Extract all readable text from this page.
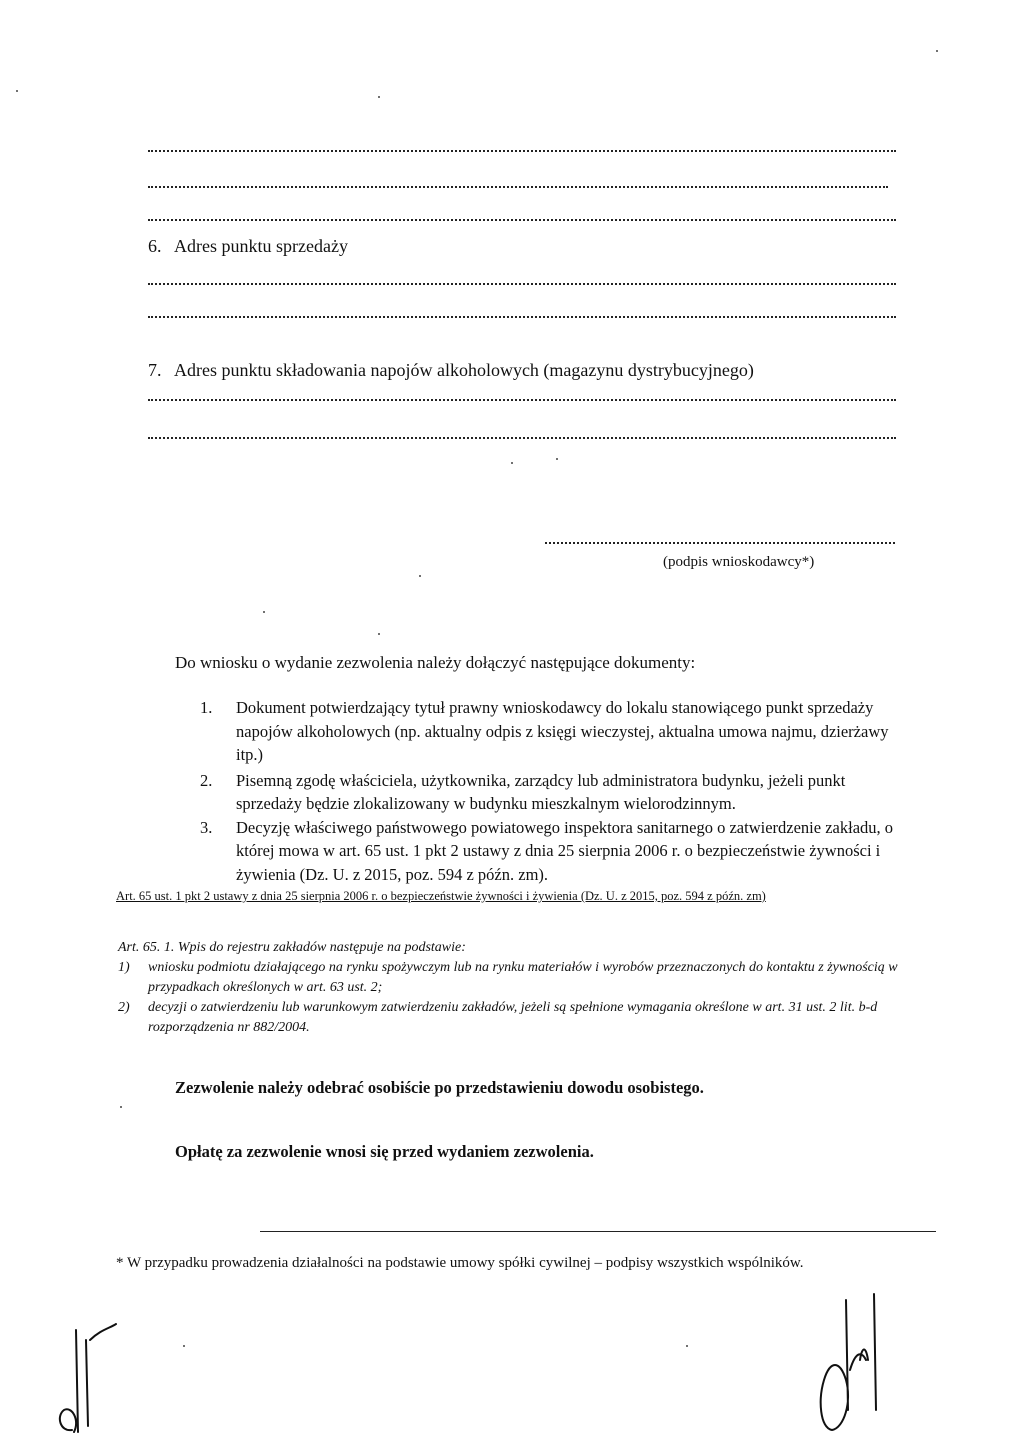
6. Adres punktu sprzedaży
7. Adres punktu składowania napojów alkoholowych (magazynu dystrybucyjnego)
(podpis wnioskodawcy*)
Do wniosku o wydanie zezwolenia należy dołączyć następujące dokumenty:
1. Dokument potwierdzający tytuł prawny wnioskodawcy do lokalu stanowiącego punkt sprzedaży napojów alkoholowych (np. aktualny odpis z księgi wieczystej, aktualna umowa najmu, dzierżawy itp.)
2. Pisemną zgodę właściciela, użytkownika, zarządcy lub administratora budynku, jeżeli punkt sprzedaży będzie zlokalizowany w budynku mieszkalnym wielorodzinnym.
3. Decyzję właściwego państwowego powiatowego inspektora sanitarnego o zatwierdzenie zakładu, o której mowa w art. 65 ust. 1 pkt 2 ustawy z dnia 25 sierpnia 2006 r. o bezpieczeństwie żywności i żywienia (Dz. U. z 2015, poz. 594 z późn. zm).
Art. 65 ust. 1 pkt 2 ustawy z dnia 25 sierpnia 2006 r. o bezpieczeństwie żywności i żywienia (Dz. U. z 2015, poz. 594 z późn. zm)
Art. 65. 1. Wpis do rejestru zakładów następuje na podstawie:
1) wniosku podmiotu działającego na rynku spożywczym lub na rynku materiałów i wyrobów przeznaczonych do kontaktu z żywnością w przypadkach określonych w art. 63 ust. 2;
2) decyzji o zatwierdzeniu lub warunkowym zatwierdzeniu zakładów, jeżeli są spełnione wymagania określone w art. 31 ust. 2 lit. b-d rozporządzenia nr 882/2004.
Zezwolenie należy odebrać osobiście po przedstawieniu dowodu osobistego.
Opłatę za zezwolenie wnosi się przed wydaniem zezwolenia.
* W przypadku prowadzenia działalności na podstawie umowy spółki cywilnej – podpisy wszystkich wspólników.
